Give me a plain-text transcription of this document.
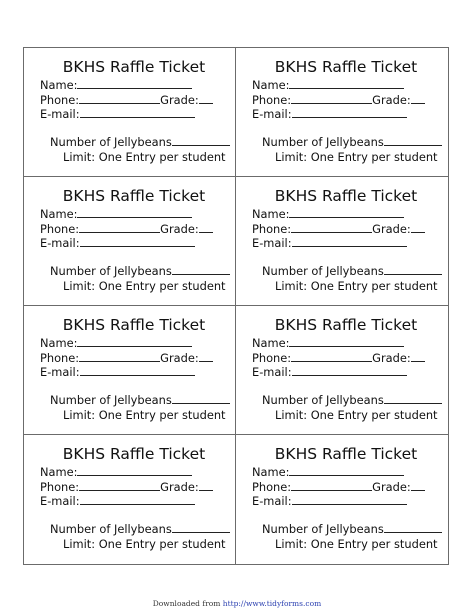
BKHS Raffle Ticket
Name:
Phone:	Grade:
E-mail:
Number of Jellybeans
Limit: One Entry per student
BKHS Raffle Ticket
Name:
Phone:	Grade:
E-mail:
Number of Jellybeans
Limit: One Entry per student
BKHS Raffle Ticket
Name:
Phone:	Grade:
E-mail:
Number of Jellybeans
Limit: One Entry per student
BKHS Raffle Ticket
Name:
Phone:	Grade:
E-mail:
Number of Jellybeans
Limit: One Entry per student
BKHS Raffle Ticket
Name:
Phone:	Grade:
E-mail:
Number of Jellybeans
Limit: One Entry per student
BKHS Raffle Ticket
Name:
Phone:	Grade:
E-mail:
Number of Jellybeans
Limit: One Entry per student
BKHS Raffle Ticket
Name:
Phone:	Grade:
E-mail:
Number of Jellybeans
Limit: One Entry per student
BKHS Raffle Ticket
Name:
Phone:	Grade:
E-mail:
Number of Jellybeans
Limit: One Entry per student
Downloaded from http://www.tidyforms.com
